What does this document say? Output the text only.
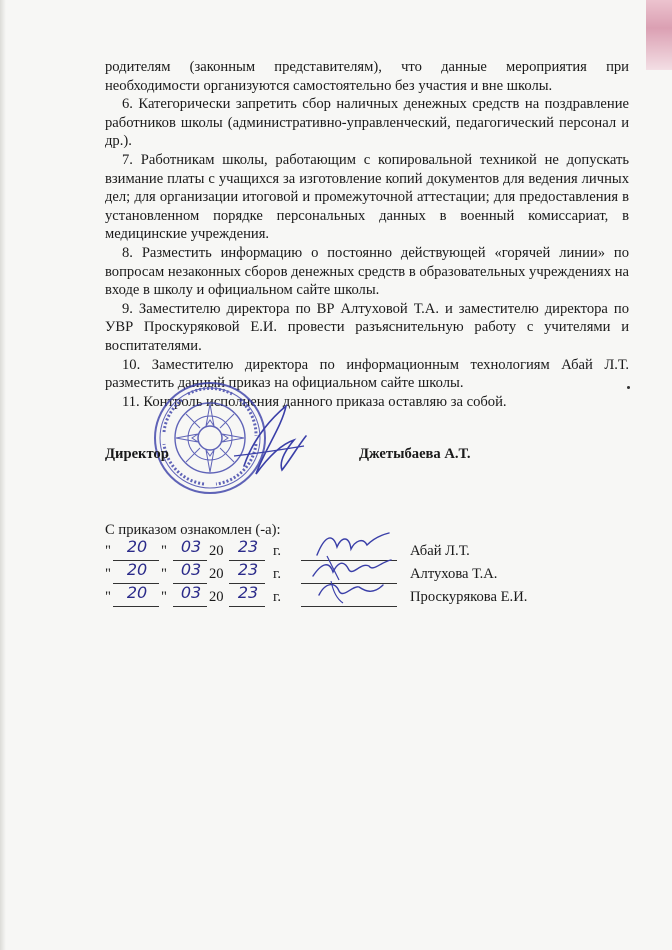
родителям (законным представителям), что данные мероприятия при необходимости организуются самостоятельно без участия и вне школы.

6. Категорически запретить сбор наличных денежных средств на поздравление работников школы (административно-управленческий, педагогический персонал и др.).

7. Работникам школы, работающим с копировальной техникой не допускать взимание платы с учащихся за изготовление копий документов для ведения личных дел; для организации итоговой и промежуточной аттестации; для предоставления в установленном порядке персональных данных в военный комиссариат, в медицинские учреждения.

8. Разместить информацию о постоянно действующей «горячей линии» по вопросам незаконных сборов денежных средств в образовательных учреждениях на входе в школу и официальном сайте школы.

9. Заместителю директора по ВР Алтуховой Т.А. и заместителю директора по УВР Проскуряковой Е.И. провести разъяснительную работу с учителями и воспитателями.

10. Заместителю директора по информационным технологиям Абай Л.Т. разместить данный приказ на официальном сайте школы.

11. Контроль исполнения данного приказа оставляю за собой.

Директор	Джетыбаева А.Т.
С приказом ознакомлен (-а):
" 20 " 03 20 23	г.	Абай Л.Т.
" 20 " 03 20 23	г.	Алтухова Т.А.
" 20 " 03 20 23	г.	Проскурякова Е.И.
